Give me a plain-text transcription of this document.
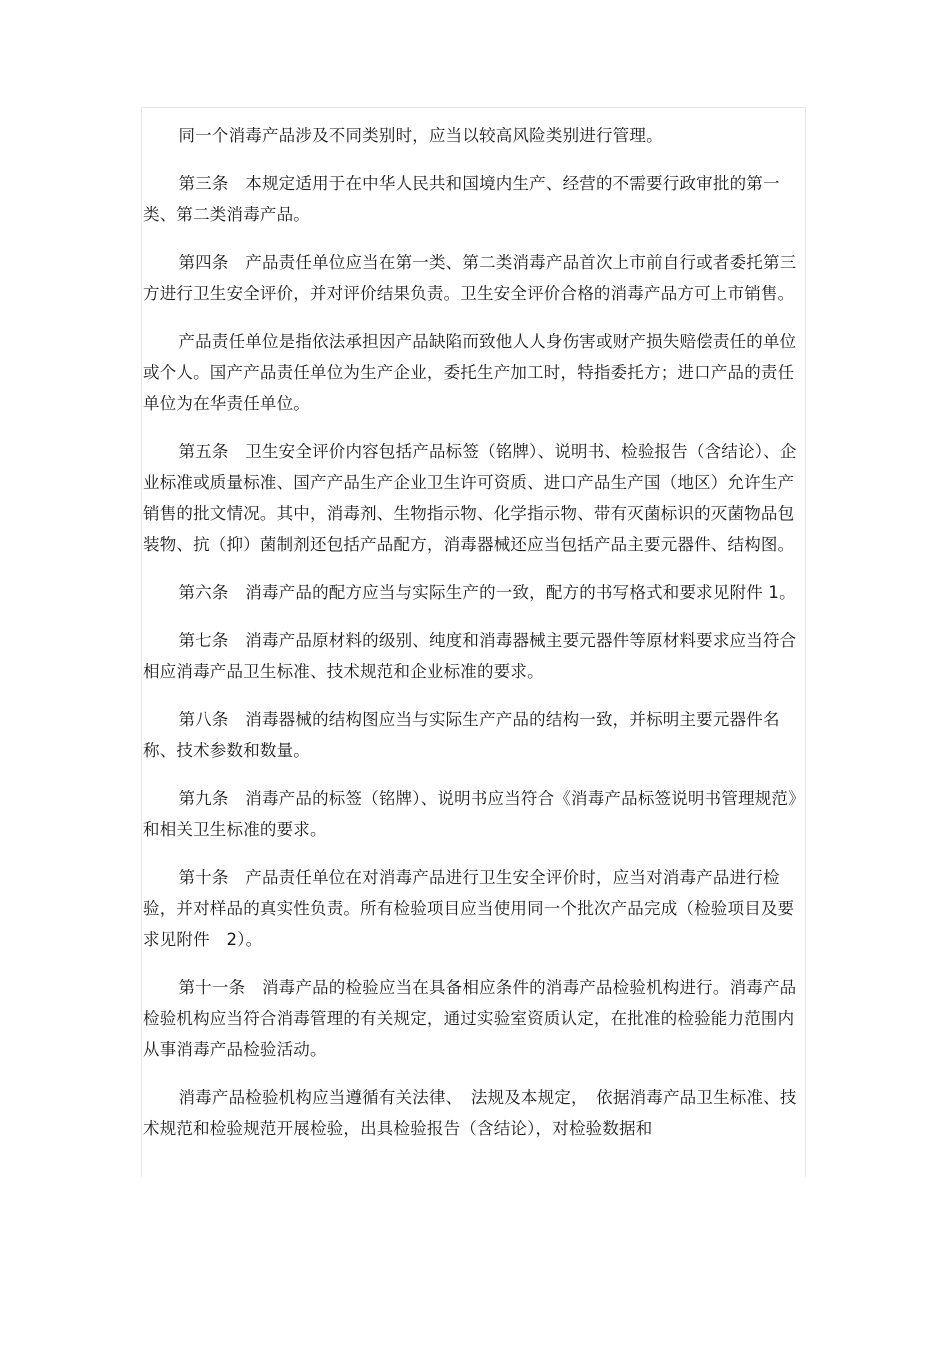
同一个消毒产品涉及不同类别时，应当以较高风险类别进行管理。

第三条　本规定适用于在中华人民共和国境内生产、经营的不需要行政审批的第一类、第二类消毒产品。

第四条　产品责任单位应当在第一类、第二类消毒产品首次上市前自行或者委托第三方进行卫生安全评价，并对评价结果负责。卫生安全评价合格的消毒产品方可上市销售。

产品责任单位是指依法承担因产品缺陷而致他人人身伤害或财产损失赔偿责任的单位或个人。国产产品责任单位为生产企业，委托生产加工时，特指委托方；进口产品的责任单位为在华责任单位。

第五条　卫生安全评价内容包括产品标签（铭牌）、说明书、检验报告（含结论）、企业标准或质量标准、国产产品生产企业卫生许可资质、进口产品生产国（地区）允许生产销售的批文情况。其中，消毒剂、生物指示物、化学指示物、带有灭菌标识的灭菌物品包装物、抗（抑）菌制剂还包括产品配方，消毒器械还应当包括产品主要元器件、结构图。

第六条　消毒产品的配方应当与实际生产的一致，配方的书写格式和要求见附件 1。

第七条　消毒产品原材料的级别、纯度和消毒器械主要元器件等原材料要求应当符合相应消毒产品卫生标准、技术规范和企业标准的要求。

第八条　消毒器械的结构图应当与实际生产产品的结构一致，并标明主要元器件名称、技术参数和数量。

第九条　消毒产品的标签（铭牌）、说明书应当符合《消毒产品标签说明书管理规范》和相关卫生标准的要求。

第十条　产品责任单位在对消毒产品进行卫生安全评价时，应当对消毒产品进行检验，并对样品的真实性负责。所有检验项目应当使用同一个批次产品完成（检验项目及要求见附件　2）。

第十一条　消毒产品的检验应当在具备相应条件的消毒产品检验机构进行。消毒产品检验机构应当符合消毒管理的有关规定，通过实验室资质认定，在批准的检验能力范围内从事消毒产品检验活动。

消毒产品检验机构应当遵循有关法律、　法规及本规定，　依据消毒产品卫生标准、技术规范和检验规范开展检验，出具检验报告（含结论），对检验数据和
